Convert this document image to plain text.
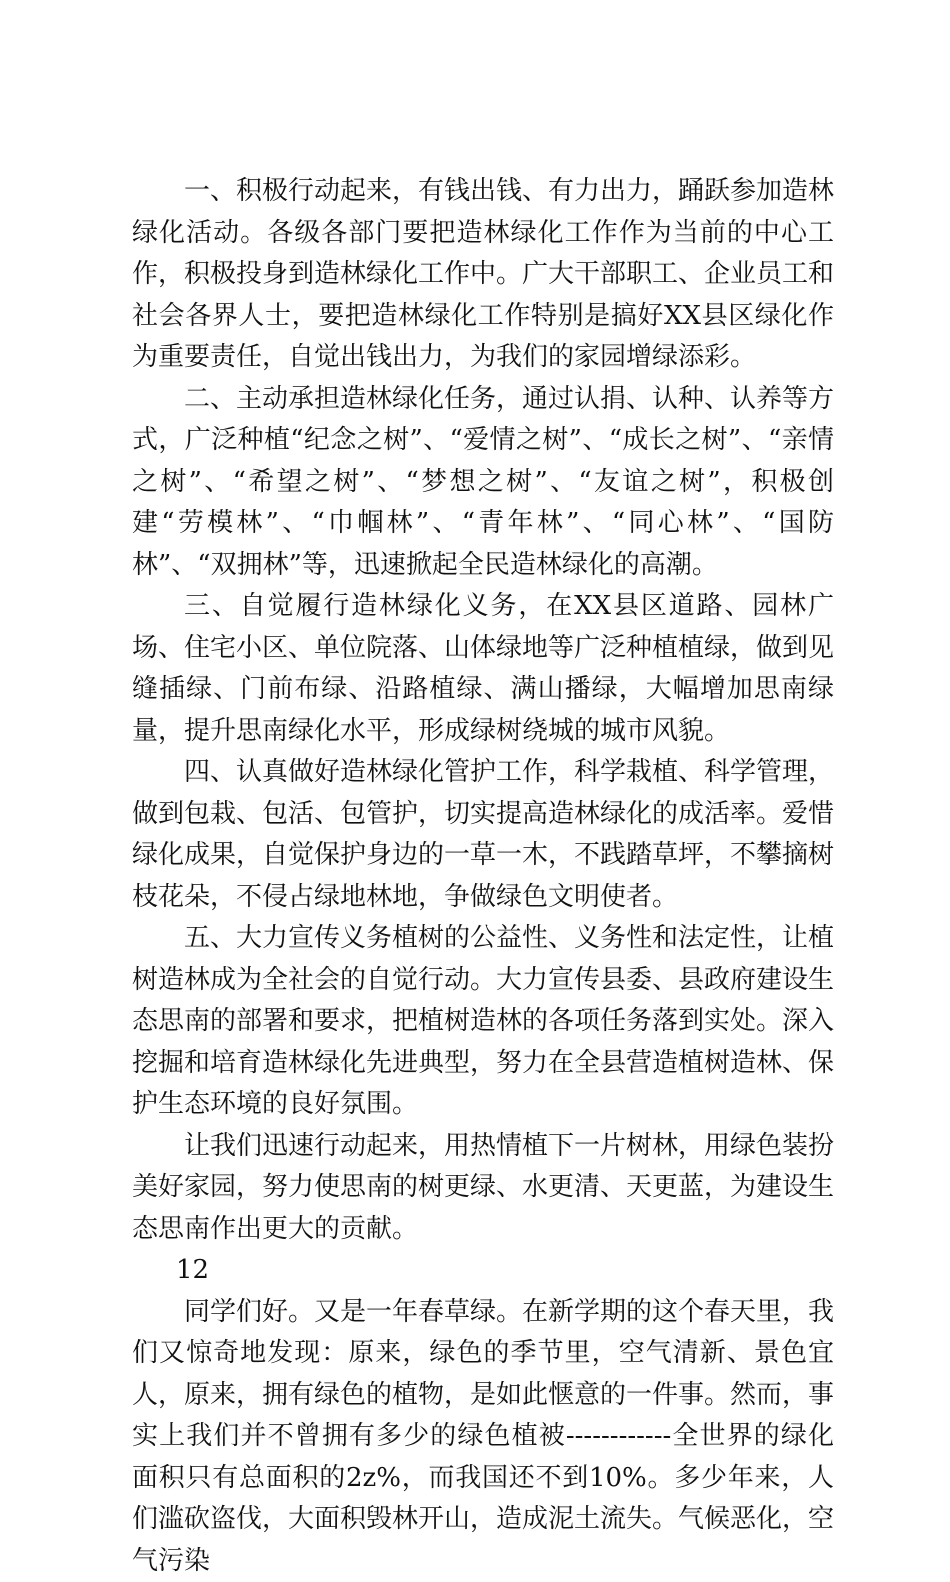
一、积极行动起来，有钱出钱、有力出力，踊跃参加造林绿化活动。各级各部门要把造林绿化工作作为当前的中心工作，积极投身到造林绿化工作中。广大干部职工、企业员工和社会各界人士，要把造林绿化工作特别是搞好XX县区绿化作为重要责任，自觉出钱出力，为我们的家园增绿添彩。

二、主动承担造林绿化任务，通过认捐、认种、认养等方式，广泛种植“纪念之树”、“爱情之树”、“成长之树”、“亲情之树”、“希望之树”、“梦想之树”、“友谊之树”，积极创建“劳模林”、“巾帼林”、“青年林”、“同心林”、“国防林”、“双拥林”等，迅速掀起全民造林绿化的高潮。

三、自觉履行造林绿化义务，在XX县区道路、园林广场、住宅小区、单位院落、山体绿地等广泛种植植绿，做到见缝插绿、门前布绿、沿路植绿、满山播绿，大幅增加思南绿量，提升思南绿化水平，形成绿树绕城的城市风貌。

四、认真做好造林绿化管护工作，科学栽植、科学管理，做到包栽、包活、包管护，切实提高造林绿化的成活率。爱惜绿化成果，自觉保护身边的一草一木，不践踏草坪，不攀摘树枝花朵，不侵占绿地林地，争做绿色文明使者。

五、大力宣传义务植树的公益性、义务性和法定性，让植树造林成为全社会的自觉行动。大力宣传县委、县政府建设生态思南的部署和要求，把植树造林的各项任务落到实处。深入挖掘和培育造林绿化先进典型，努力在全县营造植树造林、保护生态环境的良好氛围。

让我们迅速行动起来，用热情植下一片树林，用绿色装扮美好家园，努力使思南的树更绿、水更清、天更蓝，为建设生态思南作出更大的贡献。

12

同学们好。又是一年春草绿。在新学期的这个春天里，我们又惊奇地发现：原来，绿色的季节里，空气清新、景色宜人，原来，拥有绿色的植物，是如此惬意的一件事。然而，事实上我们并不曾拥有多少的绿色植被------------全世界的绿化面积只有总面积的2z%，而我国还不到10%。多少年来，人们滥砍盗伐，大面积毁林开山，造成泥土流失。气候恶化，空气污染
